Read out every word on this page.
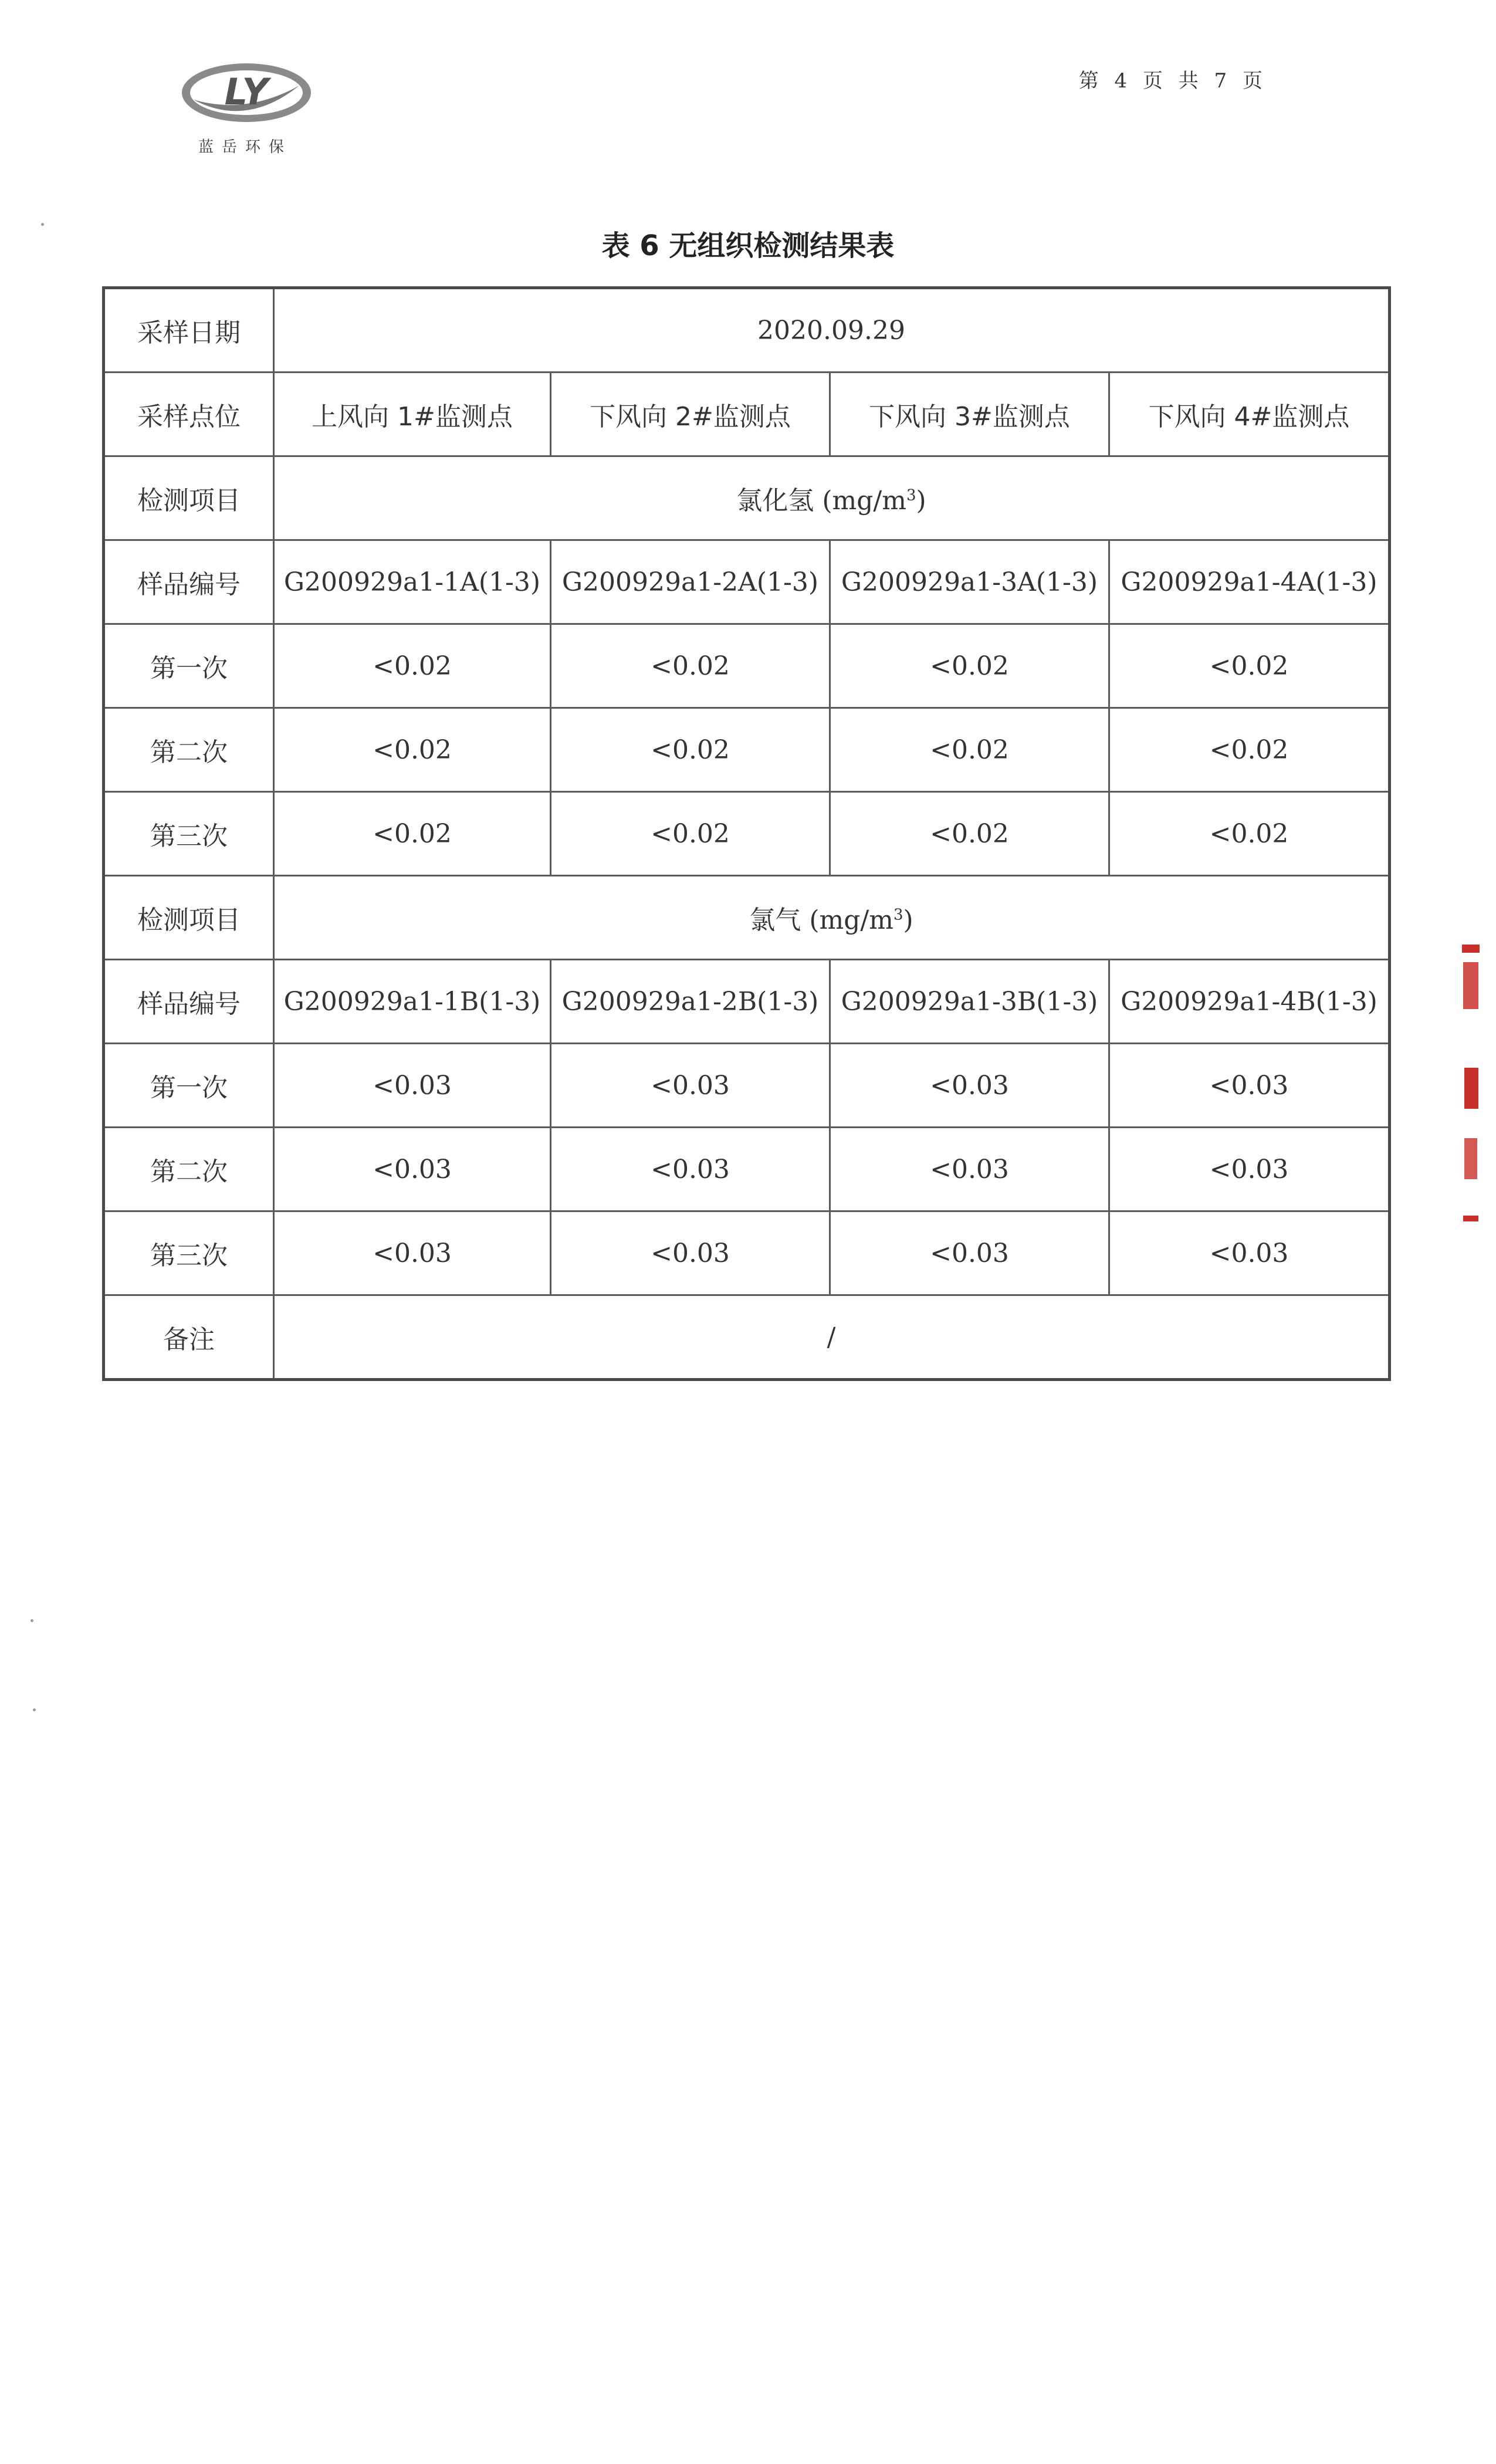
LY
蓝岳环保
第 4 页 共 7 页
表 6 无组织检测结果表
采样日期	2020.09.29			
采样点位	上风向 1#监测点	下风向 2#监测点	下风向 3#监测点	下风向 4#监测点
检测项目	氯化氢 $(mg/m^3)$			
样品编号	G200929a1-1A(1-3)	G200929a1-2A(1-3)	G200929a1-3A(1-3)	G200929a1-4A(1-3)
第一次	<0.02	<0.02	<0.02	<0.02
第二次	<0.02	<0.02	<0.02	<0.02
第三次	<0.02	<0.02	<0.02	<0.02
检测项目	氯气 $(mg/m^3)$			
样品编号	G200929a1-1B(1-3)	G200929a1-2B(1-3)	G200929a1-3B(1-3)	G200929a1-4B(1-3)
第一次	<0.03	<0.03	<0.03	<0.03
第二次	<0.03	<0.03	<0.03	<0.03
第三次	<0.03	<0.03	<0.03	<0.03
备注	/			
